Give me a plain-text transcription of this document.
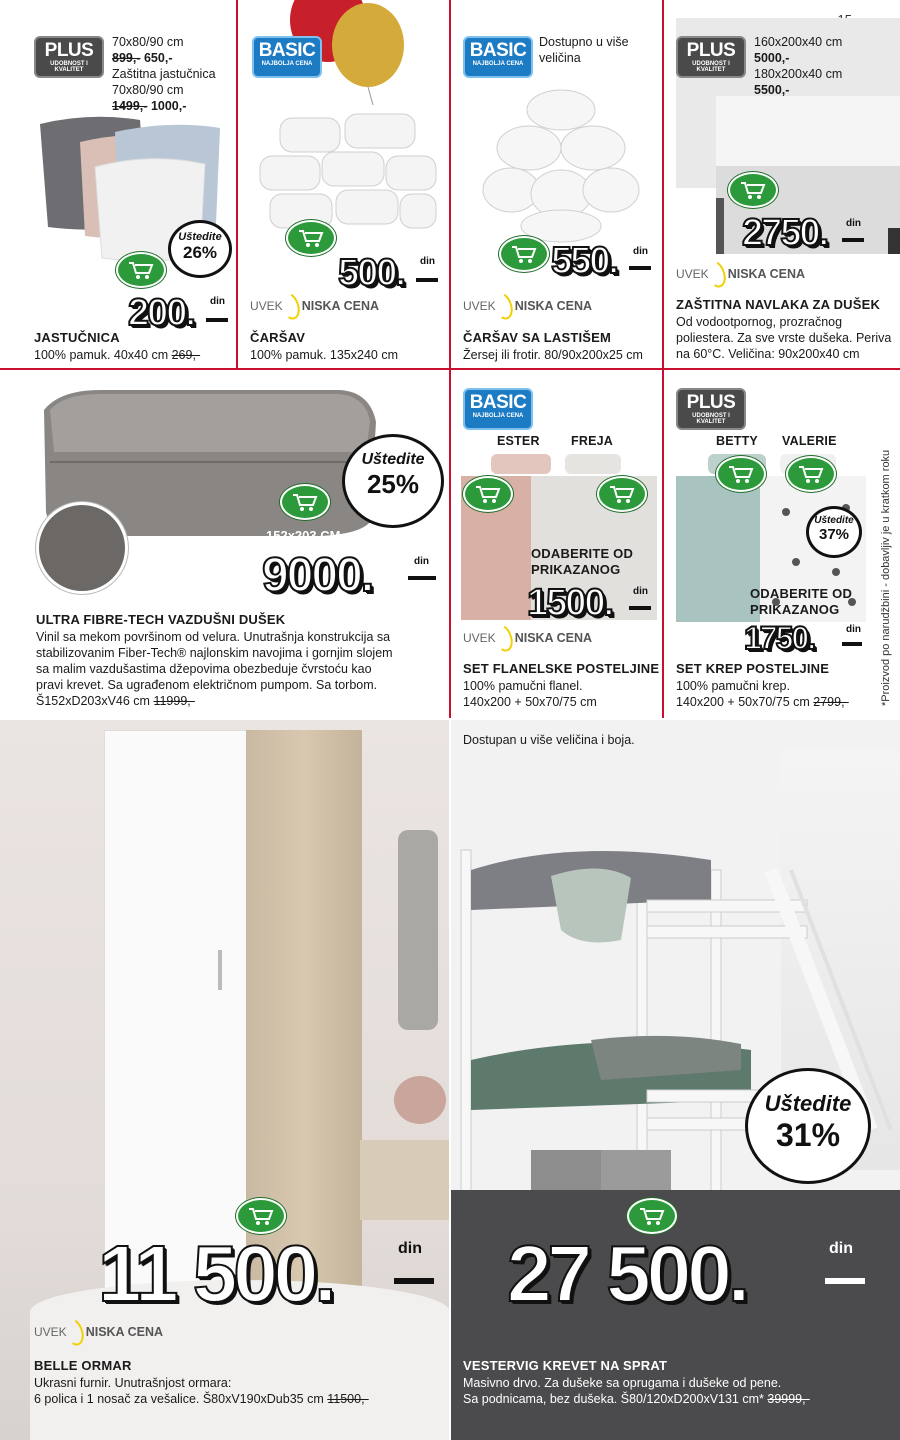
PLUS
UDOBNOST I KVALITET
70x80/90 cm
899,- 650,-
Zaštitna jastučnica
70x80/90 cm
1499,- 1000,-
Uštedite
26%
200. din
JASTUČNICA
100% pamuk. 40x40 cm 269,-
BASIC
NAJBOLJA CENA
500. din
UVEK NISKA CENA
ČARŠAV
100% pamuk. 135x240 cm
BASIC
NAJBOLJA CENA
Dostupno u više veličina
550. din
UVEK NISKA CENA
ČARŠAV SA LASTIŠEM
Žersej ili frotir. 80/90x200x25 cm
PLUS
UDOBNOST I KVALITET
160x200x40 cm
5000,-
180x200x40 cm
5500,-
2750. din
UVEK NISKA CENA
ZAŠTITNA NAVLAKA ZA DUŠEK
Od vodootpornog, prozračnog poliestera. Za sve vrste dušeka. Periva na 60°C. Veličina: 90x200x40 cm
Uštedite
25%
152x203 CM
9000.	din
ULTRA FIBRE-TECH VAZDUŠNI DUŠEK
Vinil sa mekom površinom od velura. Unutrašnja konstrukcija sa stabilizovanim Fiber-Tech® najlonskim navojima i gornjim slojem sa malim vazdušastima džepovima obezbeduje čvrstoću kao pravi krevet. Sa ugrađenom električnom pumpom. Sa torbom. Š152xD203xV46 cm 11999,-
BASIC
NAJBOLJA CENA
ESTER	FREJA
ODABERITE OD PRIKAZANOG
1500. din
UVEK NISKA CENA
SET FLANELSKE POSTELJINE
100% pamučni flanel.
140x200 + 50x70/75 cm
PLUS
UDOBNOST I KVALITET
BETTY VALERIE
Uštedite
37%
ODABERITE OD PRIKAZANOG
1750.	din
SET KREP POSTELJINE
100% pamučni krep.
140x200 + 50x70/75 cm 2799,-	*Proizvod po narudžbini - dobavljiv je u kratkom roku
11 500.	din
UVEK NISKA CENA
BELLE ORMAR
Ukrasni furnir. Unutrašnjost ormara:
6 polica i 1 nosač za vešalice. Š80xV190xDub35 cm 11500,-
Dostupan u više veličina i boja.
Uštedite
31%
27 500.	din
VESTERVIG KREVET NA SPRAT
Masivno drvo. Za dušeke sa oprugama i dušeke od pene.
Sa podnicama, bez dušeka. Š80/120xD200xV131 cm* 39999,-
